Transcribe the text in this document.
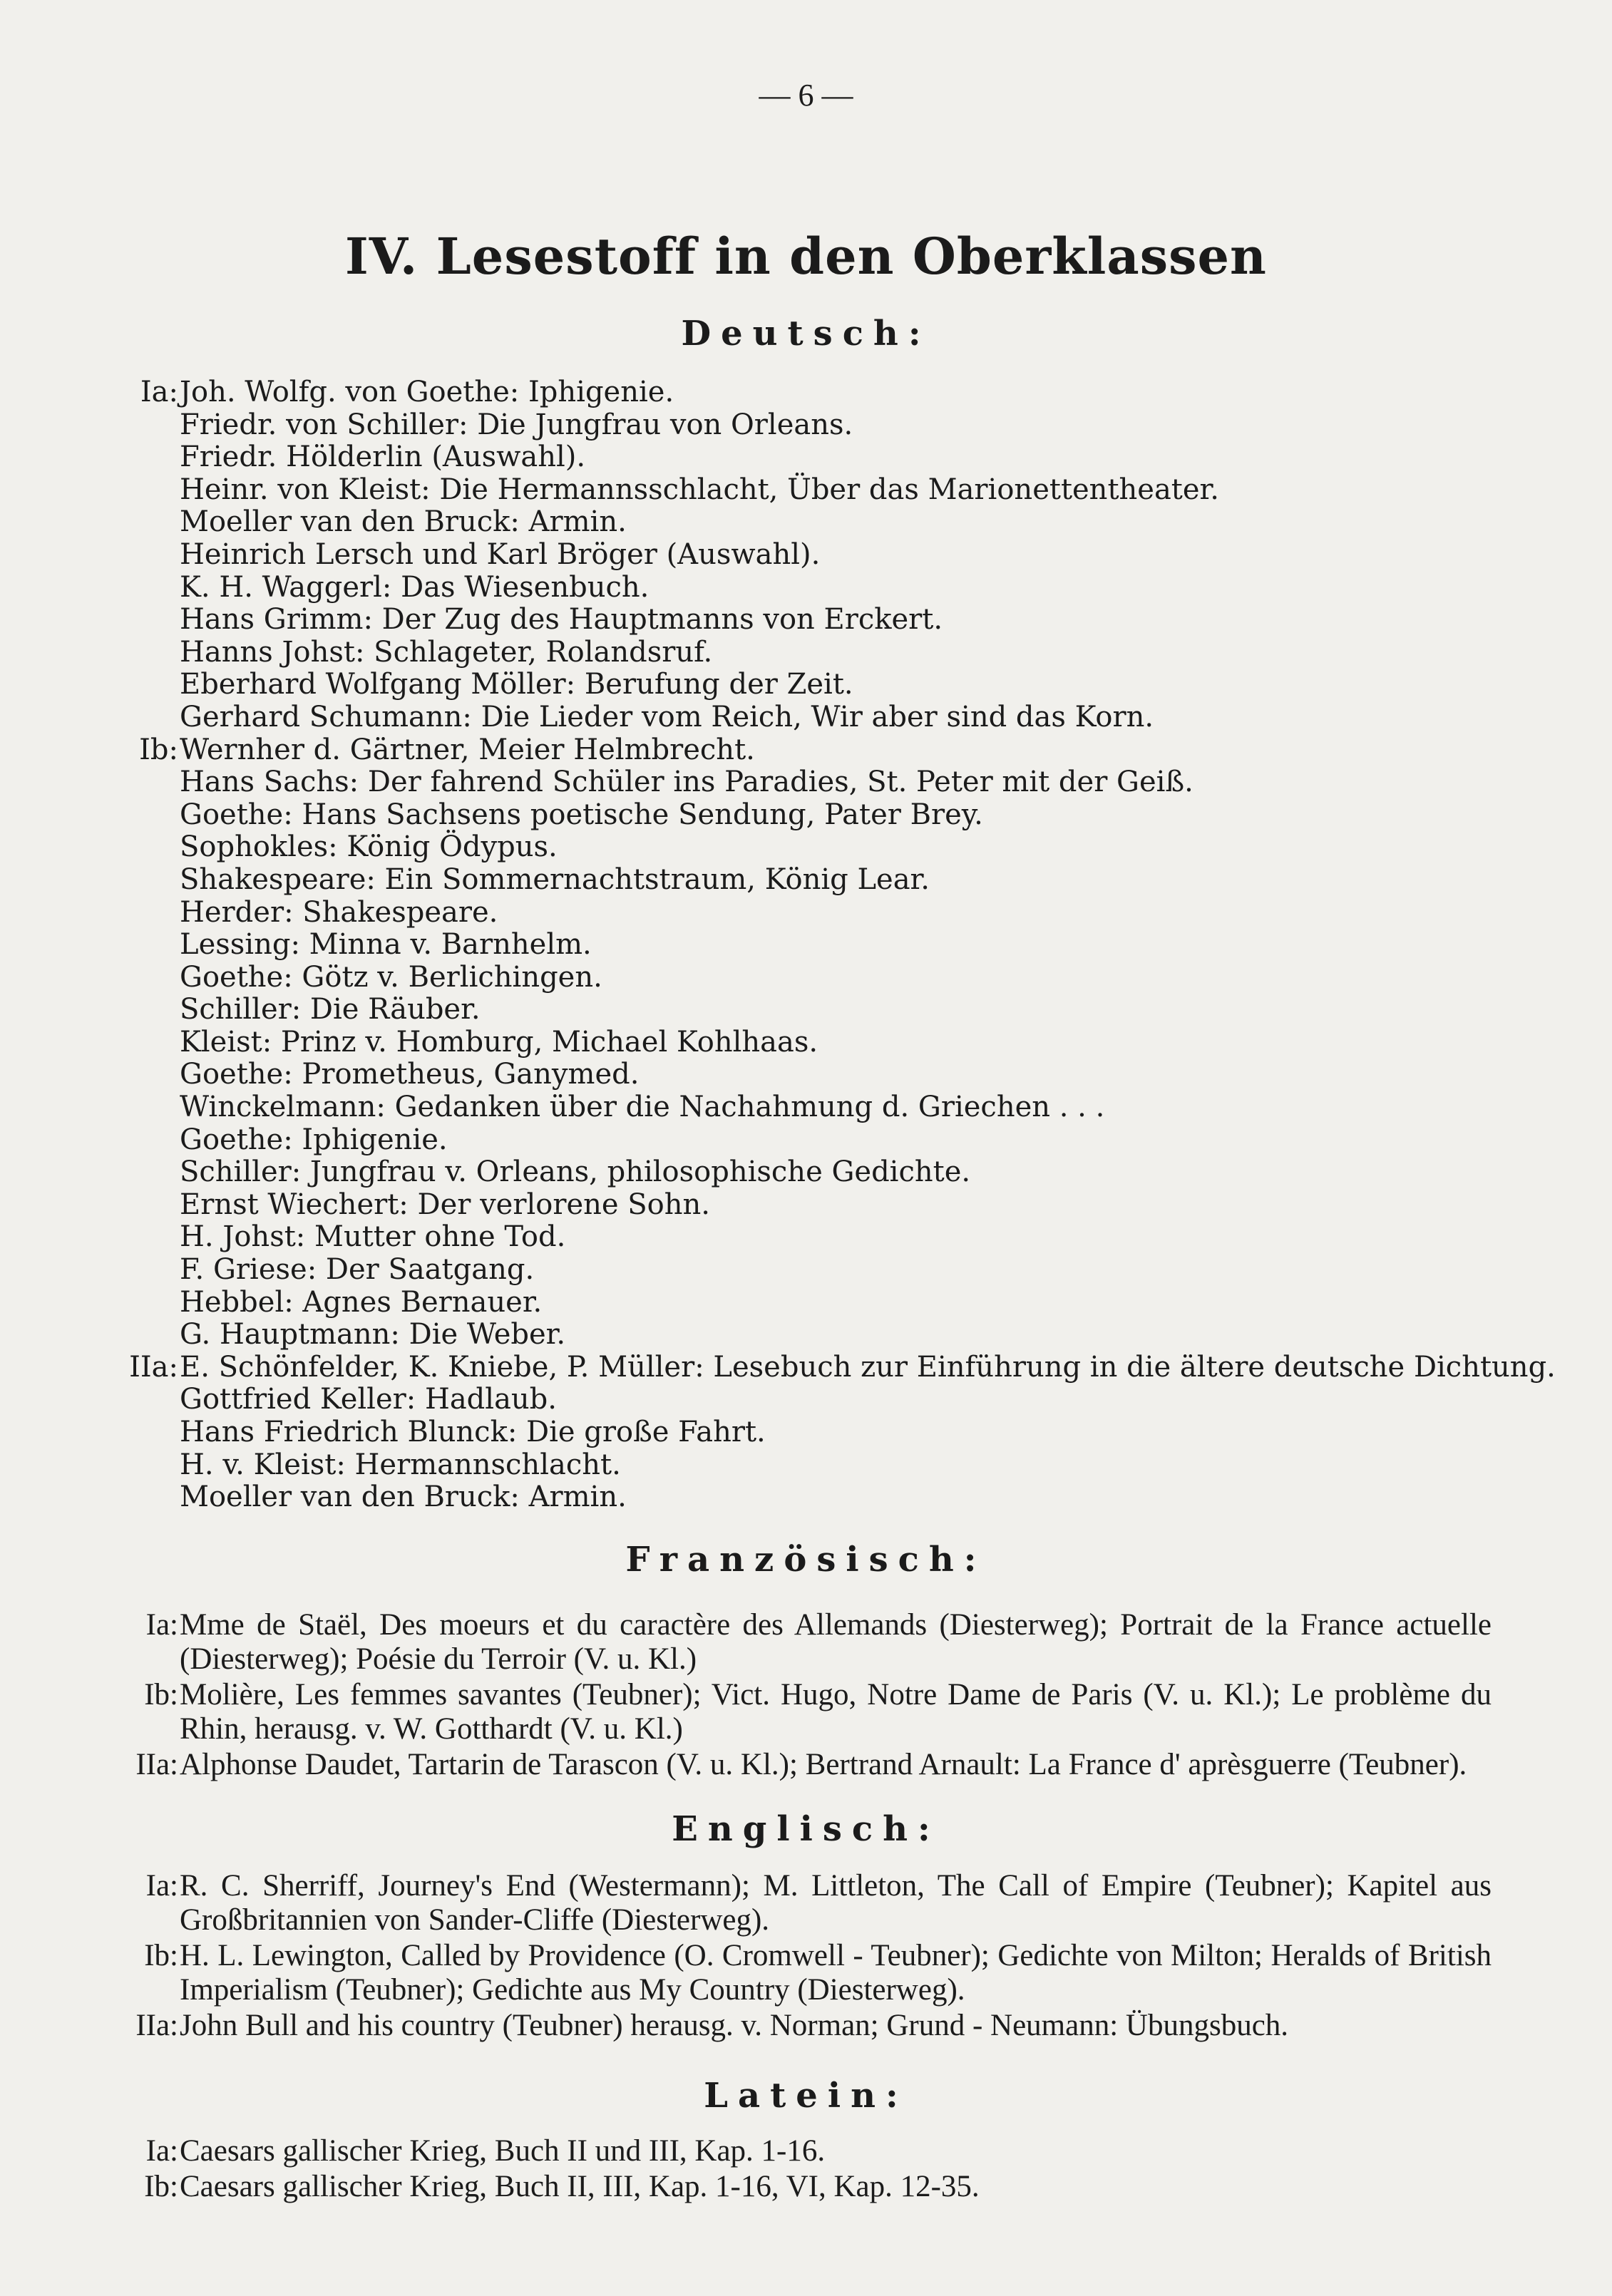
— 6 —
IV. Lesestoff in den Oberklassen
Deutsch:
Ia: Joh. Wolfg. von Goethe: Iphigenie.
Friedr. von Schiller: Die Jungfrau von Orleans.
Friedr. Hölderlin (Auswahl).
Heinr. von Kleist: Die Hermannsschlacht, Über das Marionettentheater.
Moeller van den Bruck: Armin.
Heinrich Lersch und Karl Bröger (Auswahl).
K. H. Waggerl: Das Wiesenbuch.
Hans Grimm: Der Zug des Hauptmanns von Erckert.
Hanns Johst: Schlageter, Rolandsruf.
Eberhard Wolfgang Möller: Berufung der Zeit.
Gerhard Schumann: Die Lieder vom Reich, Wir aber sind das Korn.
Ib: Wernher d. Gärtner, Meier Helmbrecht.
Hans Sachs: Der fahrend Schüler ins Paradies, St. Peter mit der Geiß.
Goethe: Hans Sachsens poetische Sendung, Pater Brey.
Sophokles: König Ödypus.
Shakespeare: Ein Sommernachtstraum, König Lear.
Herder: Shakespeare.
Lessing: Minna v. Barnhelm.
Goethe: Götz v. Berlichingen.
Schiller: Die Räuber.
Kleist: Prinz v. Homburg, Michael Kohlhaas.
Goethe: Prometheus, Ganymed.
Winckelmann: Gedanken über die Nachahmung d. Griechen . . .
Goethe: Iphigenie.
Schiller: Jungfrau v. Orleans, philosophische Gedichte.
Ernst Wiechert: Der verlorene Sohn.
H. Johst: Mutter ohne Tod.
F. Griese: Der Saatgang.
Hebbel: Agnes Bernauer.
G. Hauptmann: Die Weber.
IIa: E. Schönfelder, K. Kniebe, P. Müller: Lesebuch zur Einführung in die ältere deutsche Dichtung.
Gottfried Keller: Hadlaub.
Hans Friedrich Blunck: Die große Fahrt.
H. v. Kleist: Hermannschlacht.
Moeller van den Bruck: Armin.
Französisch:
Ia: Mme de Staël, Des moeurs et du caractère des Allemands (Diesterweg); Portrait de la France actuelle (Diesterweg); Poésie du Terroir (V. u. Kl.)
Ib: Molière, Les femmes savantes (Teubner); Vict. Hugo, Notre Dame de Paris (V. u. Kl.); Le problème du Rhin, herausg. v. W. Gotthardt (V. u. Kl.)
IIa: Alphonse Daudet, Tartarin de Tarascon (V. u. Kl.); Bertrand Arnault: La France d' aprèsguerre (Teubner).
Englisch:
Ia: R. C. Sherriff, Journey's End (Westermann); M. Littleton, The Call of Empire (Teubner); Kapitel aus Großbritannien von Sander-Cliffe (Diesterweg).
Ib: H. L. Lewington, Called by Providence (O. Cromwell - Teubner); Gedichte von Milton; Heralds of British Imperialism (Teubner); Gedichte aus My Country (Diesterweg).
IIa: John Bull and his country (Teubner) herausg. v. Norman; Grund - Neumann: Übungsbuch.
Latein:
Ia: Caesars gallischer Krieg, Buch II und III, Kap. 1-16.
Ib: Caesars gallischer Krieg, Buch II, III, Kap. 1-16, VI, Kap. 12-35.
